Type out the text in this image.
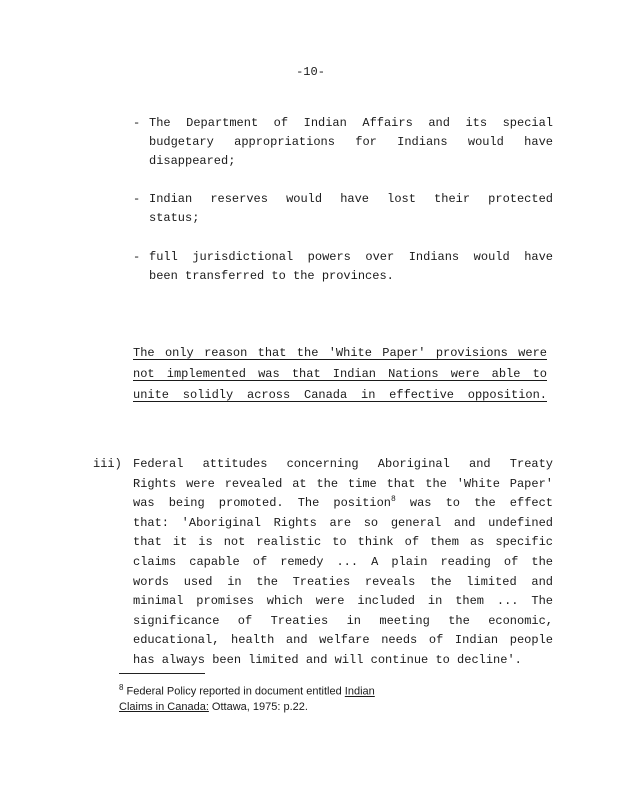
-10-
- The Department of Indian Affairs and its special
budgetary appropriations for Indians would have
disappeared;
- Indian reserves would have lost their protected
status;
- full jurisdictional powers over Indians would have
been transferred to the provinces.
The only reason that the 'White Paper' provisions were
not implemented was that Indian Nations were able to
unite solidly across Canada in effective opposition.
iii) Federal attitudes concerning Aboriginal and Treaty
Rights were revealed at the time that the 'White Paper'
was being promoted. The position$^8$ was to the effect
that: 'Aboriginal Rights are so general and undefined
that it is not realistic to think of them as specific
claims capable of remedy ... A plain reading of the
words used in the Treaties reveals the limited and
minimal promises which were included in them ... The
significance of Treaties in meeting the economic,
educational, health and welfare needs of Indian people
has always been limited and will continue to decline'.
$^8$ Federal Policy reported in document entitled Indian
Claims in Canada: Ottawa, 1975: p.22.
